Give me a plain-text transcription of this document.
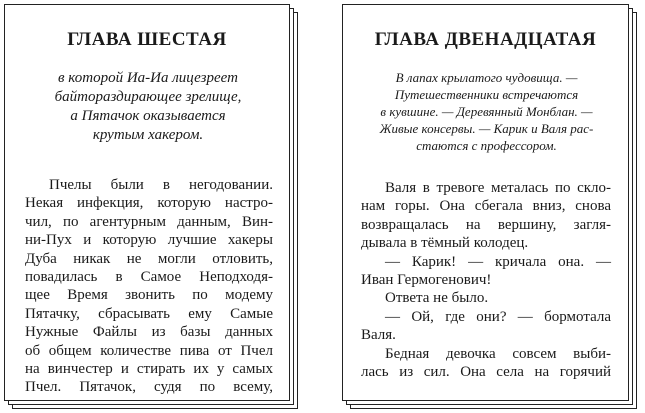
ГЛАВА ШЕСТАЯ
в которой Иа-Иа лицезреет
байтораздирающее зрелище,
а Пятачок оказывается
крутым хакером.
Пчелы были в негодовании.
Некая инфекция, которую настро-
чил, по агентурным данным, Вин-
ни-Пух и которую лучшие хакеры
Дуба никак не могли отловить,
повадилась в Самое Неподходя-
щее Время звонить по модему
Пятачку, сбрасывать ему Самые
Нужные Файлы из базы данных
об общем количестве пива от Пчел
на винчестер и стирать их у самых
Пчел. Пятачок, судя по всему,
ГЛАВА ДВЕНАДЦАТАЯ
В лапах крылатого чудовища. —
Путешественники встречаются
в кувшине. — Деревянный Монблан. —
Живые консервы. — Карик и Валя рас-
стаются с профессором.
Валя в тревоге металась по скло-
нам горы. Она сбегала вниз, снова
возвращалась на вершину, загля-
дывала в тёмный колодец.
— Карик! — кричала она. —
Иван Гермогенович!
Ответа не было.
— Ой, где они? — бормотала
Валя.
Бедная девочка совсем выби-
лась из сил. Она села на горячий
